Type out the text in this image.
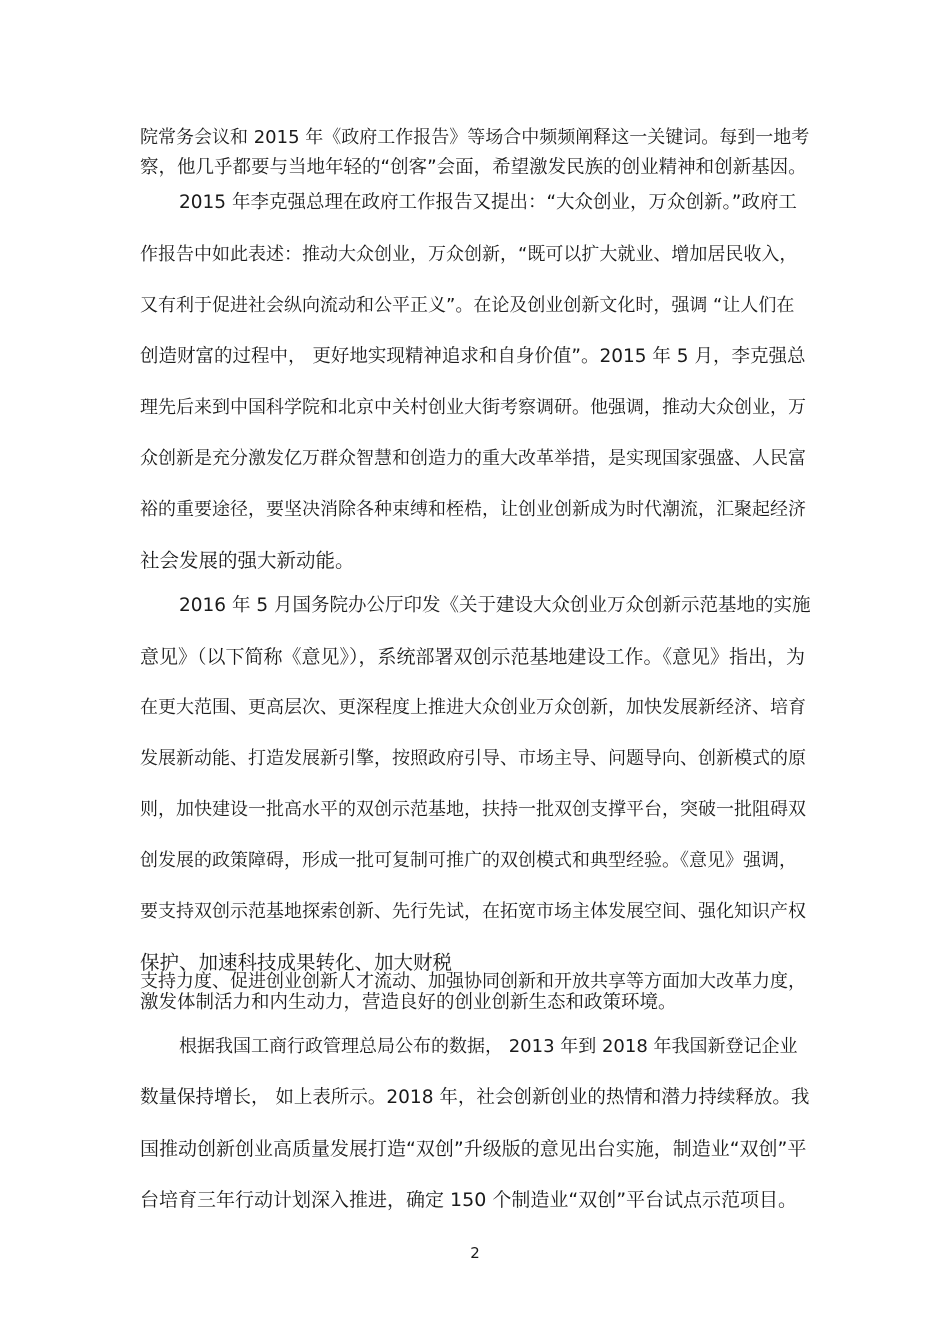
院常务会议和 2015 年《政府工作报告》等场合中频频阐释这一关键词。每到一地考
察，他几乎都要与当地年轻的“创客”会面，希望激发民族的创业精神和创新基因。
2015 年李克强总理在政府工作报告又提出：“大众创业，万众创新。”政府工
作报告中如此表述：推动大众创业，万众创新，“既可以扩大就业、增加居民收入，
又有利于促进社会纵向流动和公平正义”。在论及创业创新文化时，强调 “让人们在
创造财富的过程中， 更好地实现精神追求和自身价值”。2015 年 5 月，李克强总
理先后来到中国科学院和北京中关村创业大街考察调研。他强调，推动大众创业，万
众创新是充分激发亿万群众智慧和创造力的重大改革举措，是实现国家强盛、人民富
裕的重要途径，要坚决消除各种束缚和桎梏，让创业创新成为时代潮流，汇聚起经济
社会发展的强大新动能。
2016 年 5 月国务院办公厅印发《关于建设大众创业万众创新示范基地的实施
意见》（以下简称《意见》），系统部署双创示范基地建设工作。《意见》指出，为
在更大范围、更高层次、更深程度上推进大众创业万众创新，加快发展新经济、培育
发展新动能、打造发展新引擎，按照政府引导、市场主导、问题导向、创新模式的原
则，加快建设一批高水平的双创示范基地，扶持一批双创支撑平台，突破一批阻碍双
创发展的政策障碍，形成一批可复制可推广的双创模式和典型经验。《意见》强调，
要支持双创示范基地探索创新、先行先试，在拓宽市场主体发展空间、强化知识产权
保护、加速科技成果转化、加大财税
支持力度、促进创业创新人才流动、加强协同创新和开放共享等方面加大改革力度，
激发体制活力和内生动力，营造良好的创业创新生态和政策环境。
根据我国工商行政管理总局公布的数据， 2013 年到 2018 年我国新登记企业
数量保持增长， 如上表所示。2018 年，社会创新创业的热情和潜力持续释放。我
国推动创新创业高质量发展打造“双创”升级版的意见出台实施，制造业“双创”平
台培育三年行动计划深入推进，确定 150 个制造业“双创”平台试点示范项目。
2
